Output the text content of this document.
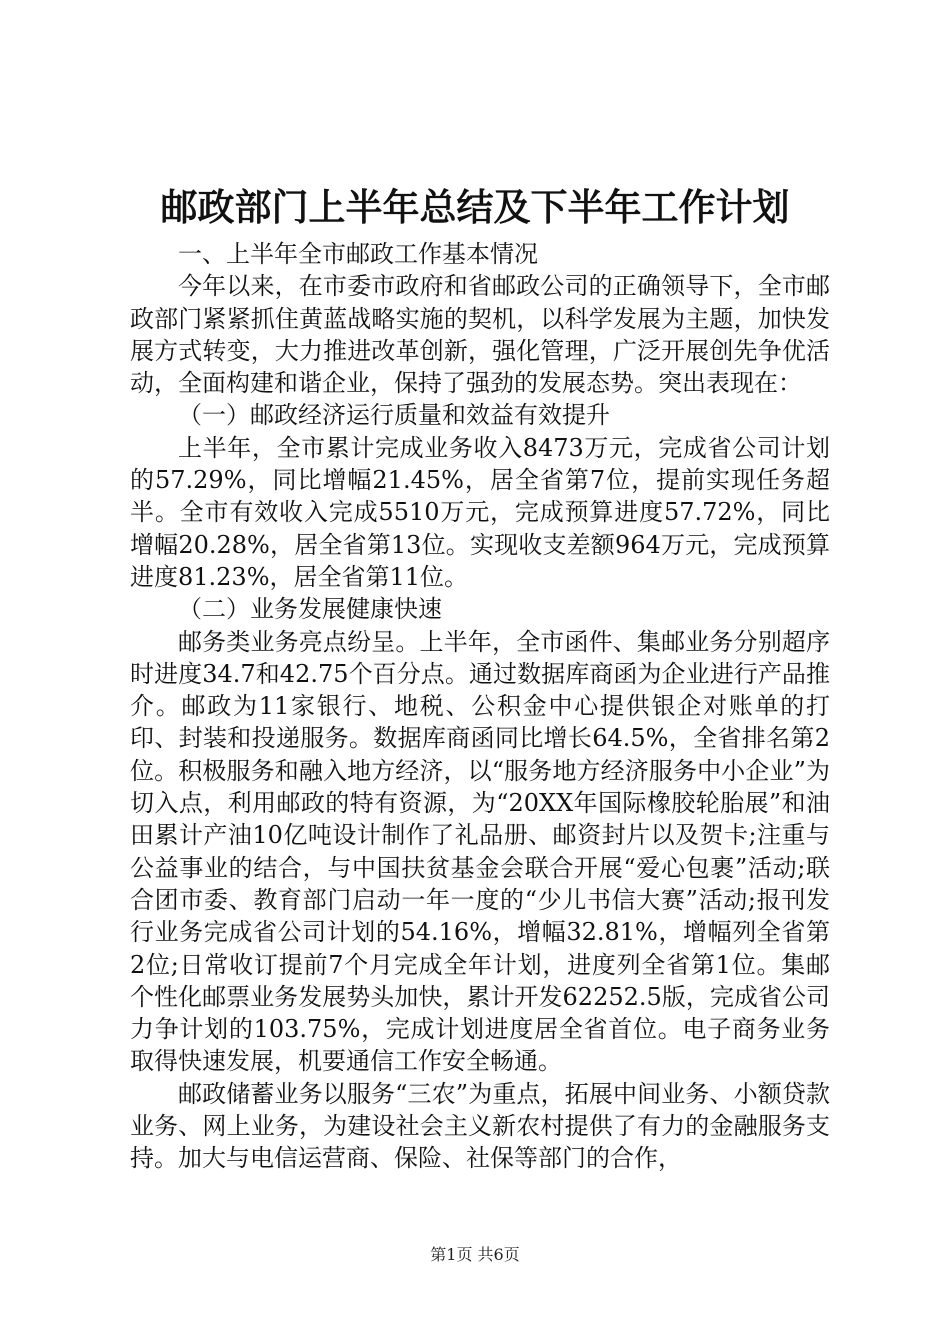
邮政部门上半年总结及下半年工作计划

一、上半年全市邮政工作基本情况

今年以来，在市委市政府和省邮政公司的正确领导下，全市邮政部门紧紧抓住黄蓝战略实施的契机，以科学发展为主题，加快发展方式转变，大力推进改革创新，强化管理，广泛开展创先争优活动，全面构建和谐企业，保持了强劲的发展态势。突出表现在：

（一）邮政经济运行质量和效益有效提升

上半年，全市累计完成业务收入8473万元，完成省公司计划的57.29%，同比增幅21.45%，居全省第7位，提前实现任务超半。全市有效收入完成5510万元，完成预算进度57.72%，同比增幅20.28%，居全省第13位。实现收支差额964万元，完成预算进度81.23%，居全省第11位。

（二）业务发展健康快速

邮务类业务亮点纷呈。上半年，全市函件、集邮业务分别超序时进度34.7和42.75个百分点。通过数据库商函为企业进行产品推介。邮政为11家银行、地税、公积金中心提供银企对账单的打印、封装和投递服务。数据库商函同比增长64.5%，全省排名第2位。积极服务和融入地方经济，以“服务地方经济服务中小企业”为切入点，利用邮政的特有资源，为“20XX年国际橡胶轮胎展”和油田累计产油10亿吨设计制作了礼品册、邮资封片以及贺卡;注重与公益事业的结合，与中国扶贫基金会联合开展“爱心包裹”活动;联合团市委、教育部门启动一年一度的“少儿书信大赛”活动;报刊发行业务完成省公司计划的54.16%，增幅32.81%，增幅列全省第2位;日常收订提前7个月完成全年计划，进度列全省第1位。集邮个性化邮票业务发展势头加快，累计开发62252.5版，完成省公司力争计划的103.75%，完成计划进度居全省首位。电子商务业务取得快速发展，机要通信工作安全畅通。

邮政储蓄业务以服务“三农”为重点，拓展中间业务、小额贷款业务、网上业务，为建设社会主义新农村提供了有力的金融服务支持。加大与电信运营商、保险、社保等部门的合作，

第1页 共6页
